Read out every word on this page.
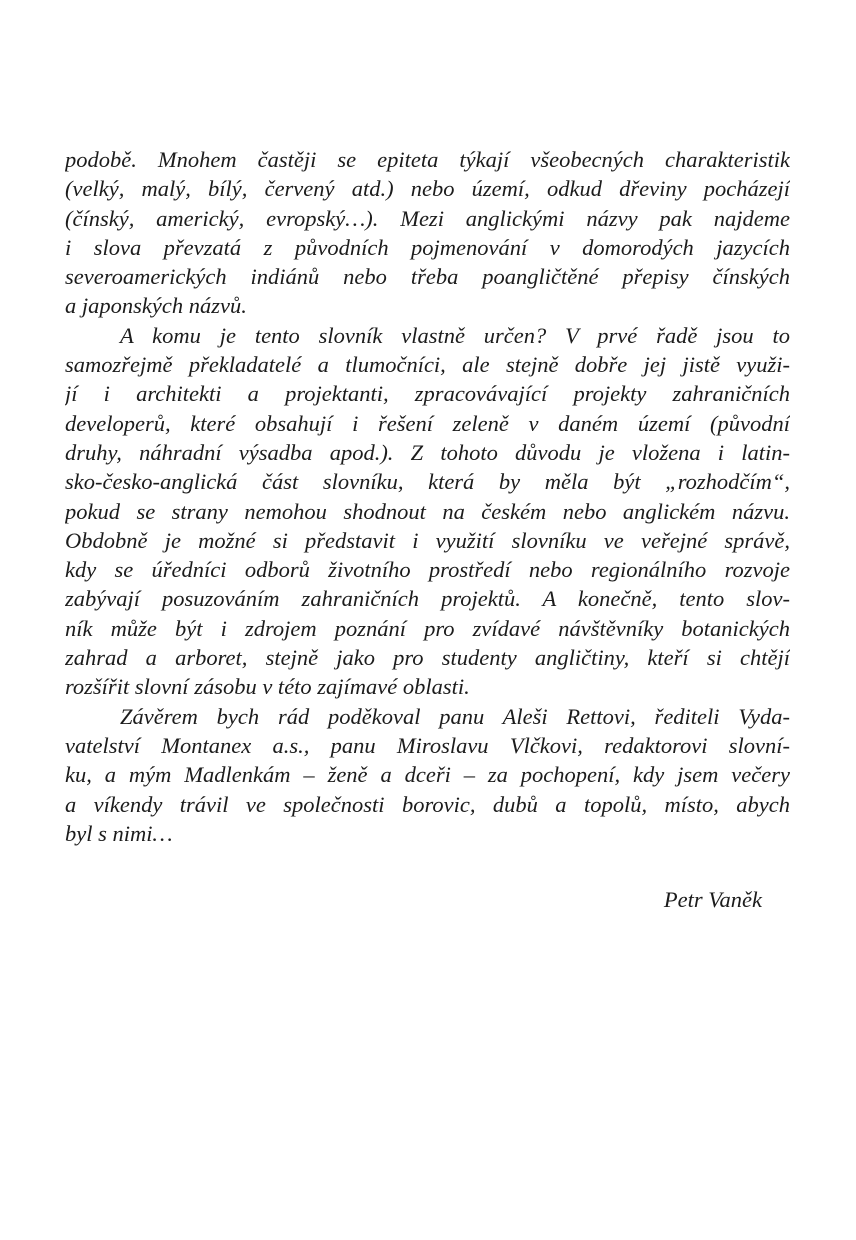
podobě. Mnohem častěji se epiteta týkají všeobecných charakteristik
(velký, malý, bílý, červený atd.) nebo území, odkud dřeviny pocházejí
(čínský, americký, evropský…). Mezi anglickými názvy pak najdeme
i slova převzatá z původních pojmenování v domorodých jazycích
severoamerických indiánů nebo třeba poangličtěné přepisy čínských
a japonských názvů.
A komu je tento slovník vlastně určen? V prvé řadě jsou to
samozřejmě překladatelé a tlumočníci, ale stejně dobře jej jistě využi-
jí i architekti a projektanti, zpracovávající projekty zahraničních
developerů, které obsahují i řešení zeleně v daném území (původní
druhy, náhradní výsadba apod.). Z tohoto důvodu je vložena i latin-
sko-česko-anglická část slovníku, která by měla být „rozhodčím“,
pokud se strany nemohou shodnout na českém nebo anglickém názvu.
Obdobně je možné si představit i využití slovníku ve veřejné správě,
kdy se úředníci odborů životního prostředí nebo regionálního rozvoje
zabývají posuzováním zahraničních projektů. A konečně, tento slov-
ník může být i zdrojem poznání pro zvídavé návštěvníky botanických
zahrad a arboret, stejně jako pro studenty angličtiny, kteří si chtějí
rozšířit slovní zásobu v této zajímavé oblasti.
Závěrem bych rád poděkoval panu Aleši Rettovi, řediteli Vyda-
vatelství Montanex a.s., panu Miroslavu Vlčkovi, redaktorovi slovní-
ku, a mým Madlenkám – ženě a dceři – za pochopení, kdy jsem večery
a víkendy trávil ve společnosti borovic, dubů a topolů, místo, abych
byl s nimi…
Petr Vaněk
